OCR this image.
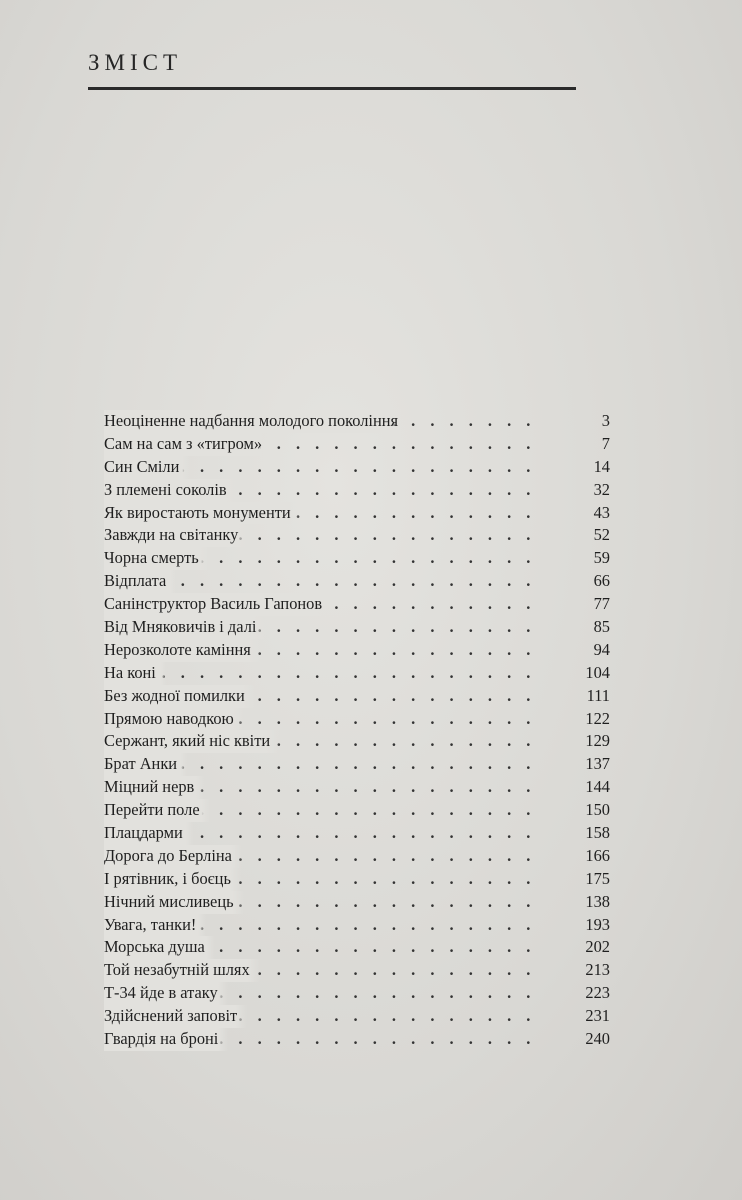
ЗМІСТ
. . .
Неоціненне надбання молодого покоління	3
. . .
Сам на сам з «тигром»	7
. . .
Син Сміли	14
. . .
З племені соколів	32
. . .
Як виростають монументи	43
. . .
Завжди на світанку	52
. . .
Чорна смерть	59
. . .
Відплата	66
. . .
Санінструктор Василь Гапонов	77
. . .
Від Мняковичів і далі	85
. . .
Нерозколоте каміння	94
. . .
На коні	104
. . .
Без жодної помилки	111
. . .
Прямою наводкою	122
. . .
Сержант, який ніс квіти	129
. . .
Брат Анки	137
. . .
Міцний нерв	144
. . .
Перейти поле	150
. . .
Плацдарми	158
. . .
Дорога до Берліна	166
. . .
І рятівник, і боєць	175
. . .
Нічний мисливець	138
. . .
Увага, танки!	193
. . .
Морська душа	202
. . .
Той незабутній шлях	213
. . .
Т-34 йде в атаку	223
. . .
Здійснений заповіт	231
. . .
Гвардія на броні	240
